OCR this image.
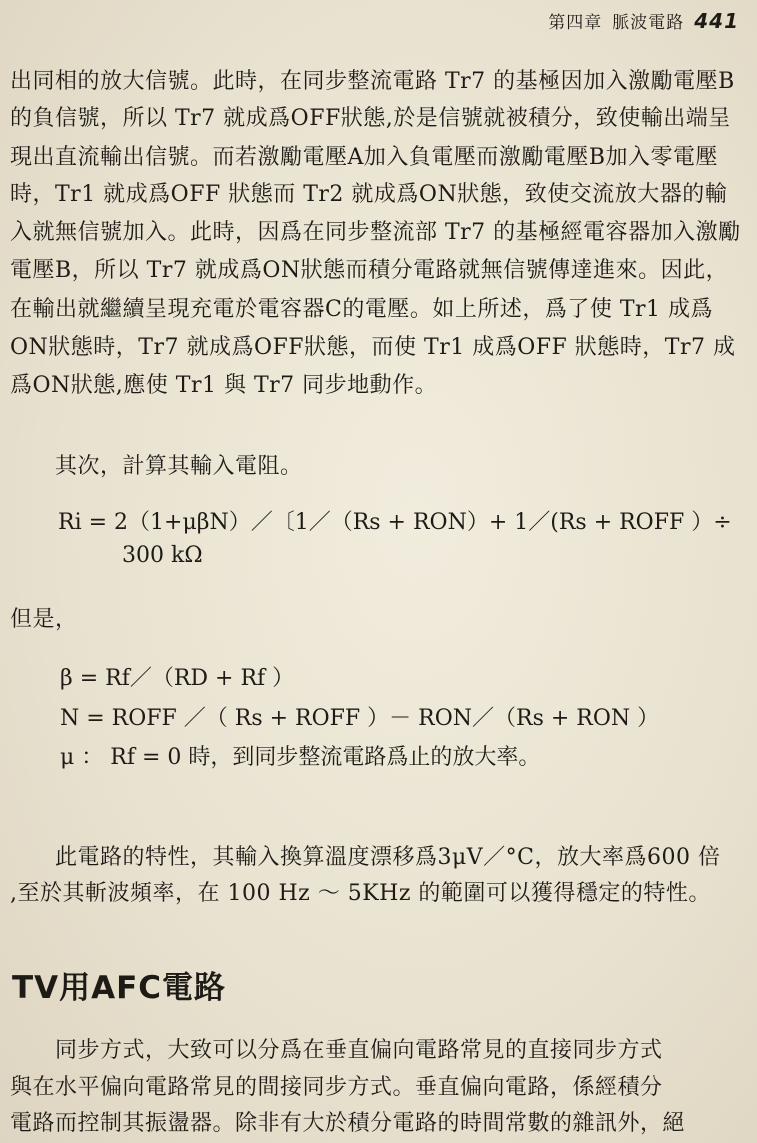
第四章 脈波電路 441
出同相的放大信號。此時，在同步整流電路 Tr7 的基極因加入激勵電壓B
的負信號，所以 Tr7 就成爲OFF狀態,於是信號就被積分，致使輸出端呈
現出直流輸出信號。而若激勵電壓A加入負電壓而激勵電壓B加入零電壓
時，Tr1 就成爲OFF 狀態而 Tr2 就成爲ON狀態，致使交流放大器的輸
入就無信號加入。此時，因爲在同步整流部 Tr7 的基極經電容器加入激勵
電壓B，所以 Tr7 就成爲ON狀態而積分電路就無信號傳達進來。因此，
在輸出就繼續呈現充電於電容器C的電壓。如上所述，爲了使 Tr1 成爲
ON狀態時，Tr7 就成爲OFF狀態，而使 Tr1 成爲OFF 狀態時，Tr7 成
爲ON狀態,應使 Tr1 與 Tr7 同步地動作。
其次，計算其輸入電阻。
Ri = 2（1+μβN）／〔1／（Rs + RON）+ 1／(Rs + ROFF ）÷
300 kΩ
但是，
β = Rf／（RD + Rf ）
N = ROFF ／（ Rs + ROFF ）－ RON／（Rs + RON ）
μ ： Rf = 0 時，到同步整流電路爲止的放大率。
此電路的特性，其輸入換算溫度漂移爲3μV／°C，放大率爲600 倍
,至於其斬波頻率，在 100 Hz ～ 5KHz 的範圍可以獲得穩定的特性。
TV用AFC電路
同步方式，大致可以分爲在垂直偏向電路常見的直接同步方式
與在水平偏向電路常見的間接同步方式。垂直偏向電路，係經積分
電路而控制其振盪器。除非有大於積分電路的時間常數的雜訊外，絕
